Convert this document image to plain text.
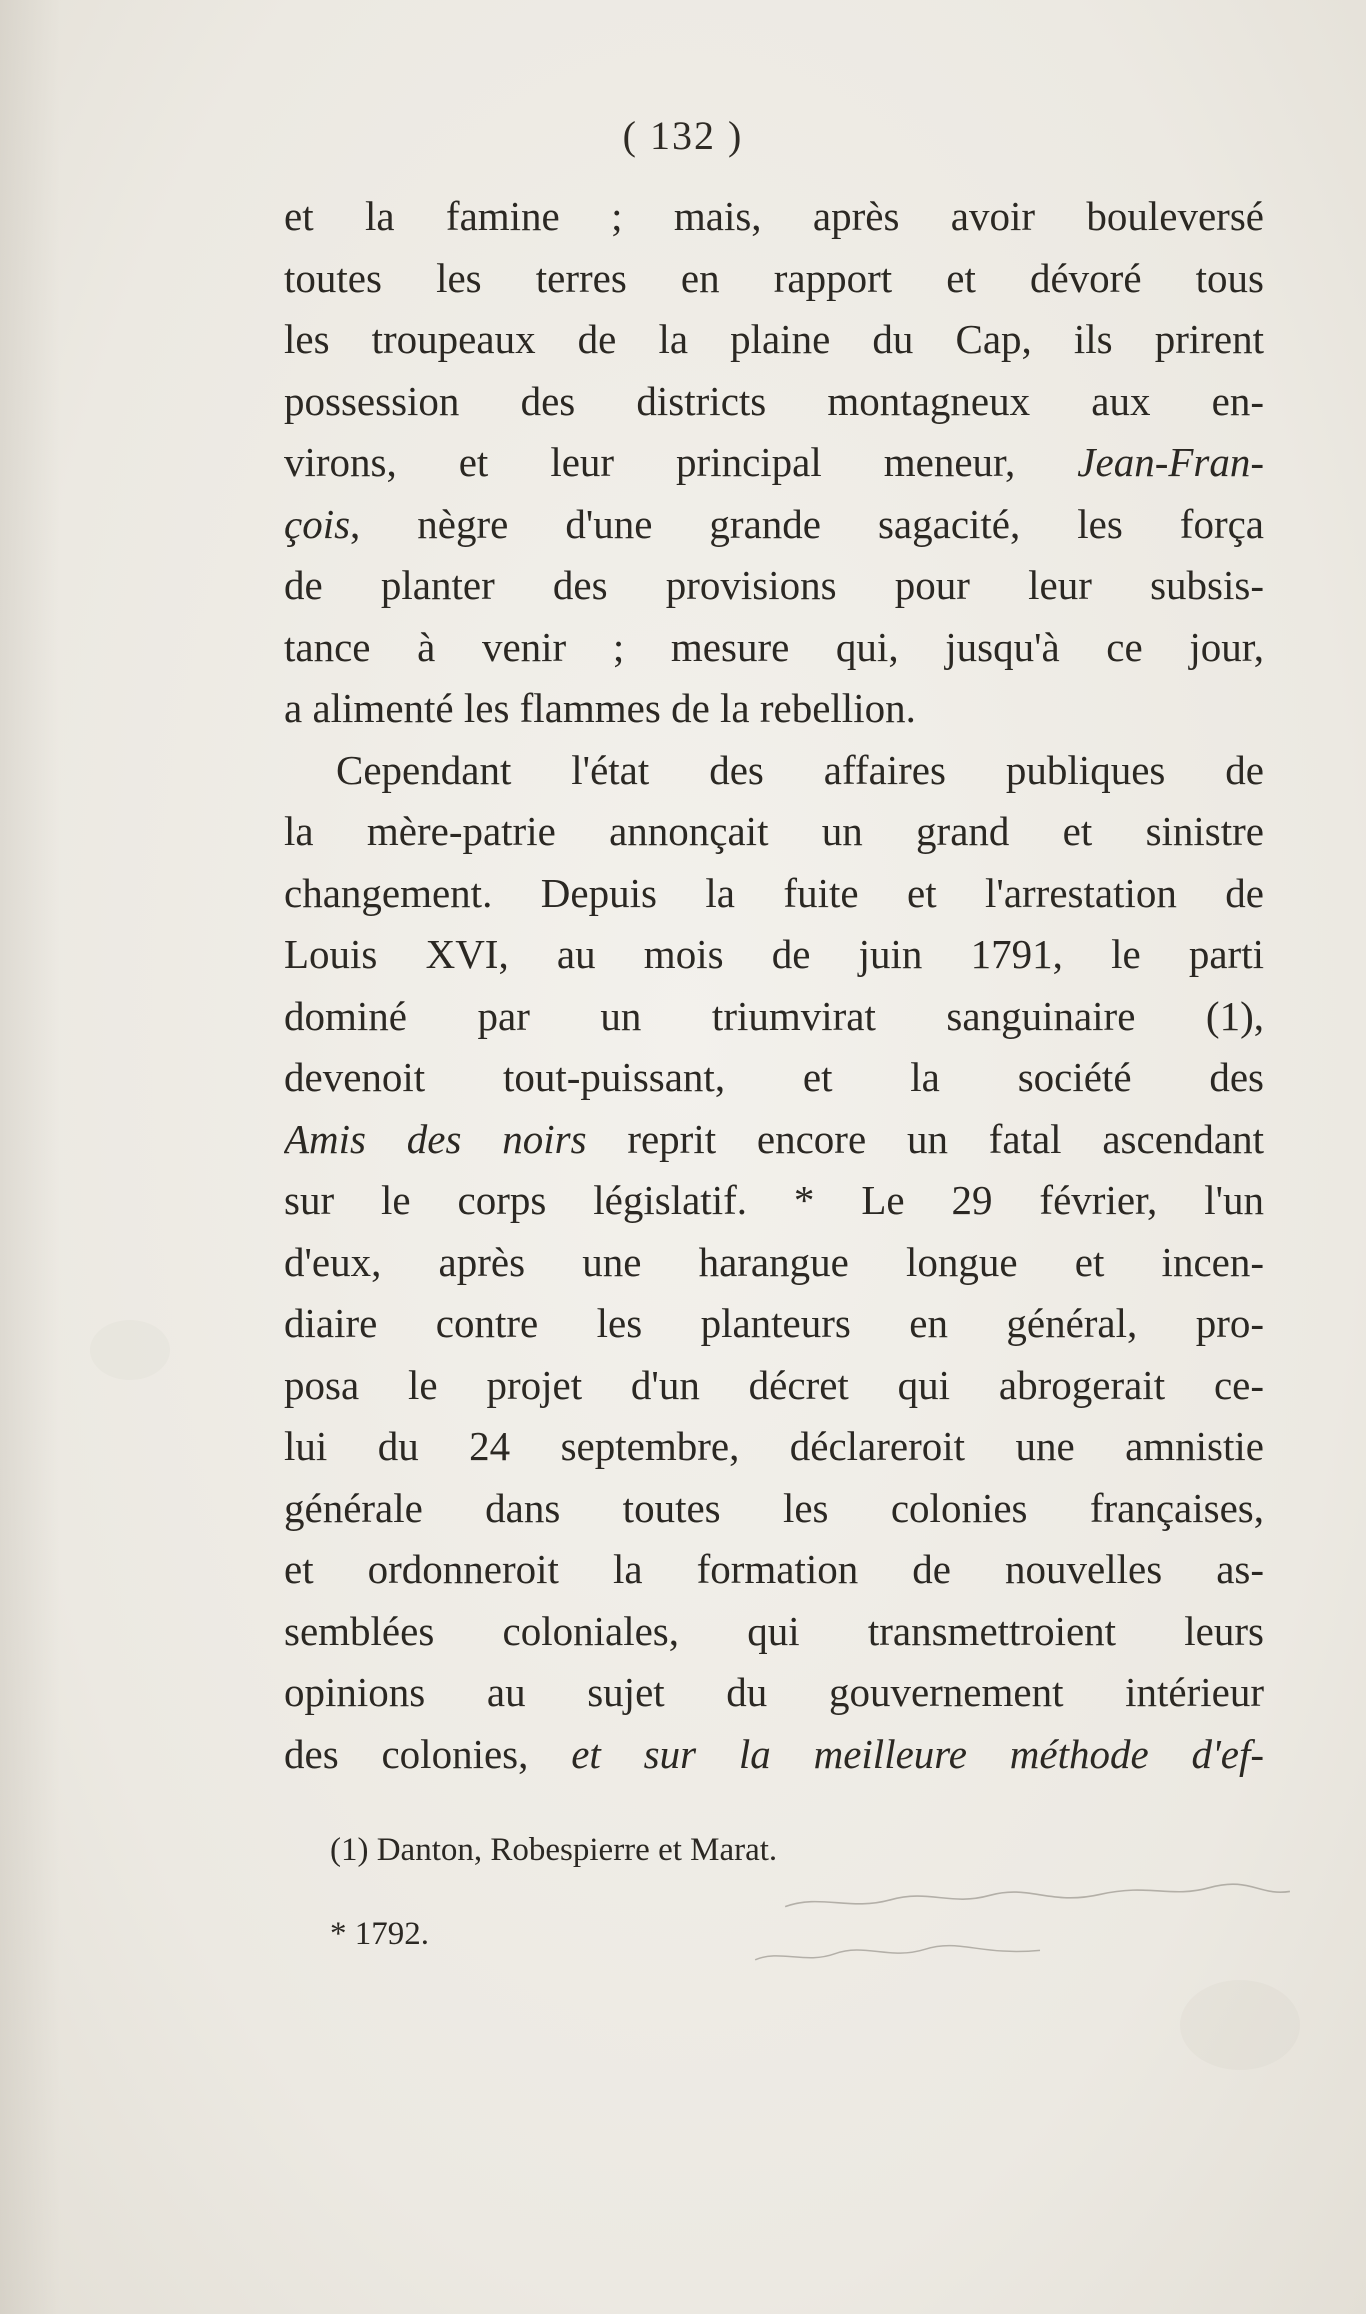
( 132 )
et la famine ; mais, après avoir bouleversé
toutes les terres en rapport et dévoré tous
les troupeaux de la plaine du Cap, ils prirent
possession des districts montagneux aux en-
virons, et leur principal meneur, Jean-Fran-
çois, nègre d'une grande sagacité, les força
de planter des provisions pour leur subsis-
tance à venir ; mesure qui, jusqu'à ce jour,
a alimenté les flammes de la rebellion.
Cependant l'état des affaires publiques de
la mère-patrie annonçait un grand et sinistre
changement. Depuis la fuite et l'arrestation de
Louis XVI, au mois de juin 1791, le parti
dominé par un triumvirat sanguinaire (1),
devenoit tout-puissant, et la société des
Amis des noirs reprit encore un fatal ascendant
sur le corps législatif. * Le 29 février, l'un
d'eux, après une harangue longue et incen-
diaire contre les planteurs en général, pro-
posa le projet d'un décret qui abrogerait ce-
lui du 24 septembre, déclareroit une amnistie
générale dans toutes les colonies françaises,
et ordonneroit la formation de nouvelles as-
semblées coloniales, qui transmettroient leurs
opinions au sujet du gouvernement intérieur
des colonies, et sur la meilleure méthode d'ef-
(1) Danton, Robespierre et Marat.
* 1792.
